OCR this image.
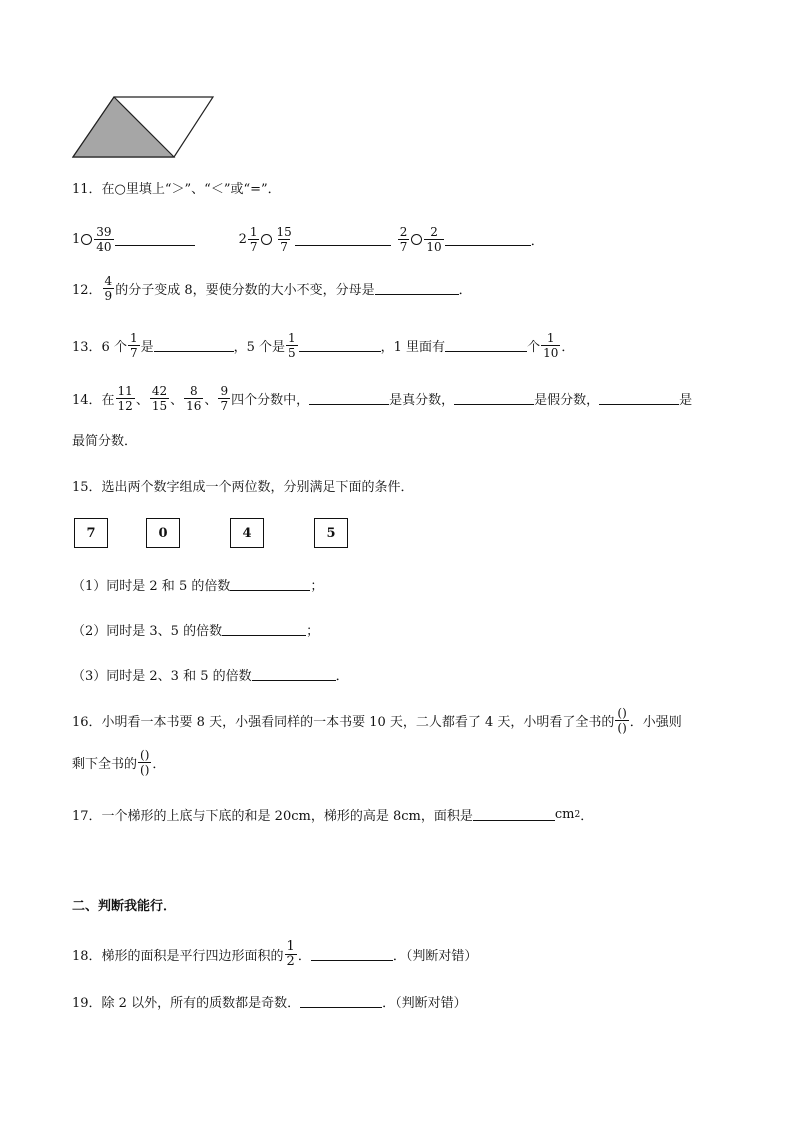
11．在○里填上“＞”、“＜”或“=”．
$1 \frac{39}{40}$	$2 \frac{1}{7} \frac{15}{7}$	$\frac{2}{7} \frac{2}{10}$	．
12． $\frac{4}{9}$ 的分子变成 8，要使分数的大小不变，分母是	．
13．6 个 $\frac{1}{7}$ 是	，5 个是 $\frac{1}{5}$	，1 里面有	个 $\frac{1}{10}$ ．
14．在 $\frac{11}{12}$ 、 $\frac{42}{15}$ 、 $\frac{8}{16}$ 、 $\frac{9}{7}$ 四个分数中，	是真分数，	是假分数，	是
最简分数．
15．选出两个数字组成一个两位数，分别满足下面的条件．
7	0	4	5
（1）同时是 2 和 5 的倍数	；
（2）同时是 3、5 的倍数	；
（3）同时是 2、3 和 5 的倍数	．
16．小明看一本书要 8 天，小强看同样的一本书要 10 天，二人都看了 4 天，小明看了全书的 $\frac{()}{()}$ ．小强则
剩下全书的 $\frac{()}{()}$ ．
17．一个梯形的上底与下底的和是 20cm，梯形的高是 8cm，面积是	cm 2 ．
二、判断我能行．
18．梯形的面积是平行四边形面积的 $\frac{1}{2}$ ．	．（判断对错）
19．除 2 以外，所有的质数都是奇数．	．（判断对错）
